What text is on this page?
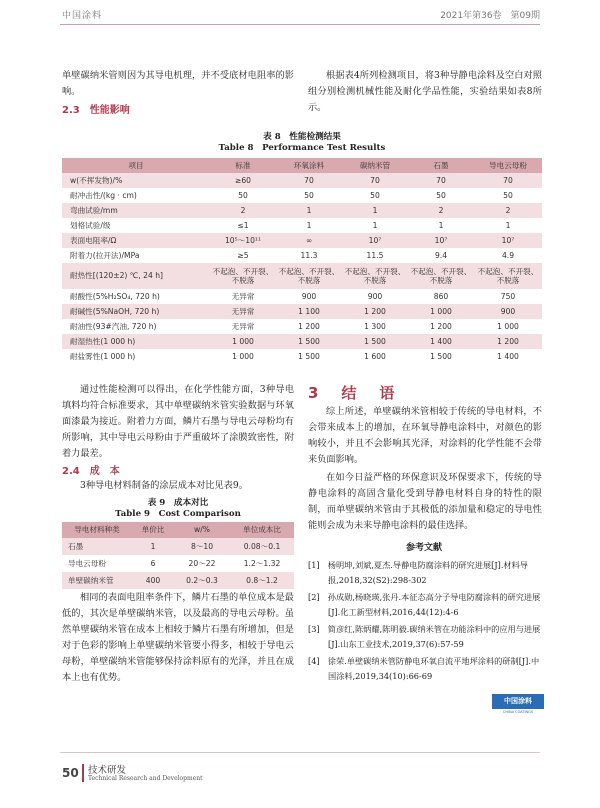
中国涂料	2021年第36卷　第09期
单壁碳纳米管则因为其导电机理，并不受底材电阻率的影响。
2.3　性能影响
根据表4所列检测项目，将3种导静电涂料及空白对照组分别检测机械性能及耐化学品性能，实验结果如表8所示。
表 8　性能检测结果
Table 8　Performance Test Results
项目	标准	环氧涂料	碳纳米管	石墨	导电云母粉
w(不挥发物)/%	≥60	70	70	70	70
耐冲击性/(kg · cm)	50	50	50	50	50
弯曲试验/mm	2	1	1	2	2
划格试验/级	≤1	1	1	1	1
表面电阻率/Ω	10⁵～10¹¹	∞	10⁷	10⁷	10⁷
附着力(拉开法)/MPa	≥5	11.3	11.5	9.4	4.9
耐热性[(120±2) ℃, 24 h]	不起泡、不开裂、不脱落	不起泡、不开裂、不脱落	不起泡、不开裂、不脱落	不起泡、不开裂、不脱落	不起泡、不开裂、不脱落
耐酸性(5%H₂SO₄, 720 h)	无异常	900	900	860	750
耐碱性(5%NaOH, 720 h)	无异常	1 100	1 200	1 000	900
耐油性(93#汽油, 720 h)	无异常	1 200	1 300	1 200	1 000
耐湿热性(1 000 h)	1 000	1 500	1 500	1 400	1 200
耐盐雾性(1 000 h)	1 000	1 500	1 600	1 500	1 400
通过性能检测可以得出，在化学性能方面，3种导电填料均符合标准要求，其中单壁碳纳米管实验数据与环氧面漆最为接近。附着力方面，鳞片石墨与导电云母粉均有所影响，其中导电云母粉由于严重破坏了涂膜致密性，附着力最差。
2.4　成　本
3种导电材料制备的涂层成本对比见表9。
表 9　成本对比
Table 9　Cost Comparison
导电材料种类	单价比	w/%	单位成本比
石墨	1	8～10	0.08～0.1
导电云母粉	6	20～22	1.2～1.32
单壁碳纳米管	400	0.2～0.3	0.8～1.2
相同的表面电阻率条件下，鳞片石墨的单位成本是最低的，其次是单壁碳纳米管，以及最高的导电云母粉。虽然单壁碳纳米管在成本上相较于鳞片石墨有所增加，但是对于色彩的影响上单壁碳纳米管要小得多，相较于导电云母粉，单壁碳纳米管能够保持涂料原有的光泽，并且在成本上也有优势。
3　结　语
综上所述，单壁碳纳米管相较于传统的导电材料，不会带来成本上的增加，在环氧导静电涂料中，对颜色的影响较小，并且不会影响其光泽，对涂料的化学性能不会带来负面影响。
在如今日益严格的环保意识及环保要求下，传统的导静电涂料的高固含量化受到导静电材料自身的特性的限制，而单壁碳纳米管由于其极低的添加量和稳定的导电性能则会成为未来导静电涂料的最佳选择。
参考文献
[1]　杨明坤,刘斌,夏杰.导静电防腐涂料的研究进展[J].材料导报,2018,32(S2):298-302
[2]　孙成勋,杨晓瑛,张丹.本征态高分子导电防腐涂料的研究进展[J].化工新型材料,2016,44(12):4-6
[3]　简彦红,陈炳耀,陈明毅.碳纳米管在功能涂料中的应用与进展[J].山东工业技术,2019,37(6):57-59
[4]　徐荣.单壁碳纳米管防静电环氧自流平地坪涂料的研制[J].中国涂料,2019,34(10):66-69
中国涂料
CHINA COATINGS
50 技术研发
Technical Research and Development
